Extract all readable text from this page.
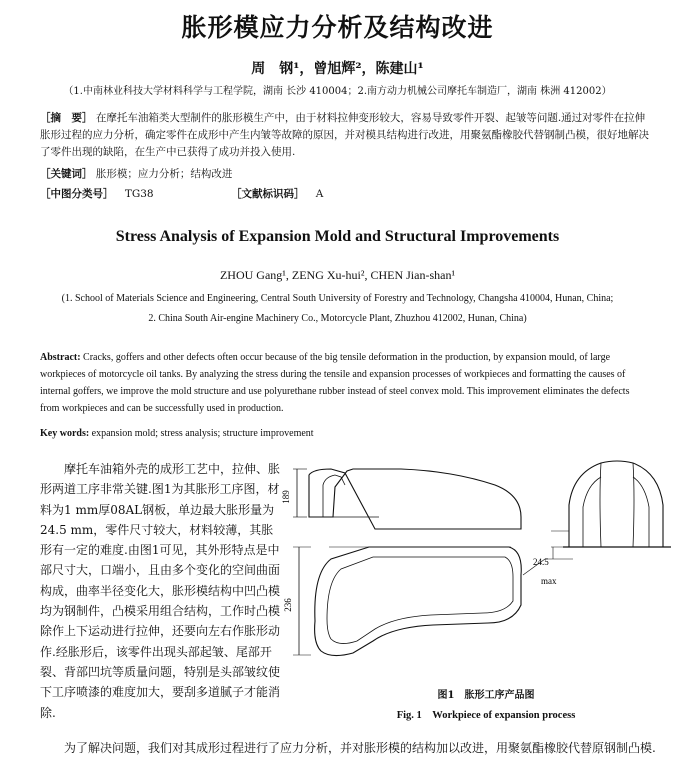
胀形模应力分析及结构改进
周　钢¹，曾旭辉²，陈建山¹
（1.中南林业科技大学材料科学与工程学院，湖南 长沙 410004；2.南方动力机械公司摩托车制造厂，湖南 株洲 412002）
［摘　要］ 在摩托车油箱类大型制件的胀形模生产中，由于材料拉伸变形较大，容易导致零件开裂、起皱等问题.通过对零件在拉伸胀形过程的应力分析，确定零件在成形中产生内皱等故障的原因，并对模具结构进行改进，用聚氨酯橡胶代替钢制凸模，很好地解决了零件出现的缺陷，在生产中已获得了成功并投入使用.
［关键词］ 胀形模；应力分析；结构改进
［中图分类号］ TG38	［文献标识码］ A
Stress Analysis of Expansion Mold and Structural Improvements
ZHOU Gang¹, ZENG Xu-hui², CHEN Jian-shan¹
(1. School of Materials Science and Engineering, Central South University of Forestry and Technology, Changsha 410004, Hunan, China;
2. China South Air-engine Machinery Co., Motorcycle Plant, Zhuzhou 412002, Hunan, China)
Abstract: Cracks, goffers and other defects often occur because of the big tensile deformation in the production, by expansion mould, of large workpieces of motorcycle oil tanks. By analyzing the stress during the tensile and expansion processes of workpieces and formatting the causes of internal goffers, we improve the mold structure and use polyurethane rubber instead of steel convex mold. This improvement eliminates the defects from workpieces and can be successfully used in production.
Key words: expansion mold; stress analysis; structure improvement
摩托车油箱外壳的成形工艺中，拉伸、胀形两道工序非常关键.图1为其胀形工序图，材料为1 mm厚08AL钢板，单边最大胀形量为24.5 mm，零件尺寸较大，材料较薄，其胀形有一定的难度.由图1可见，其外形特点是中部尺寸大，口端小，且由多个变化的空间曲面构成，曲率半径变化大，胀形模结构中凹凸模均为钢制件，凸模采用组合结构，工作时凸模除作上下运动进行拉伸，还要向左右作胀形动作.经胀形后，该零件出现头部起皱、尾部开裂、背部凹坑等质量问题，特别是头部皱纹使下工序喷漆的难度加大，要刮多道腻子才能消除.
189
236
24.5
max
图1　胀形工序产品图
Fig. 1　Workpiece of expansion process
为了解决问题，我们对其成形过程进行了应力分析，并对胀形模的结构加以改进，用聚氨酯橡胶代替原钢制凸模.
